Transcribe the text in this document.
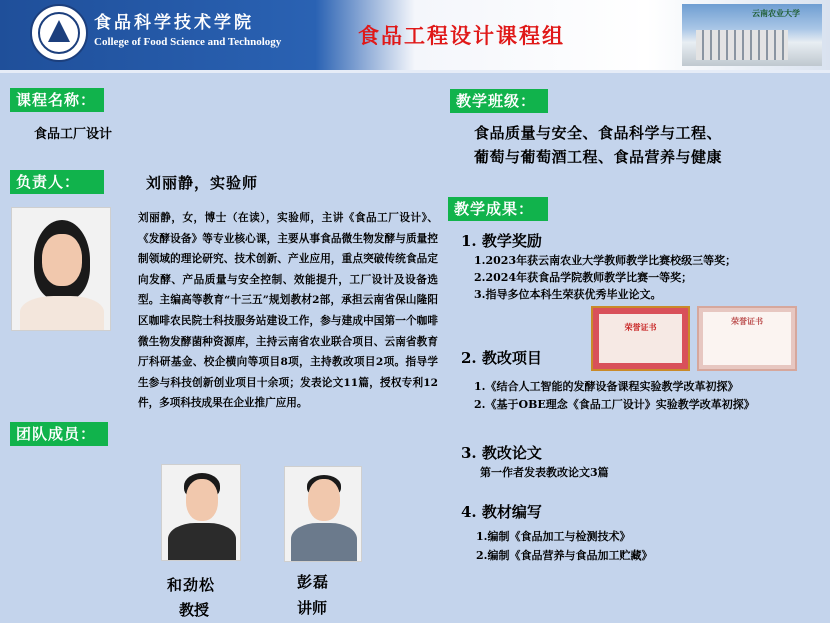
食品科学技术学院
College of Food Science and Technology	食品工程设计课程组
云南农业大学
课程名称：
食品工厂设计
负责人：	刘丽静，实验师
刘丽静，女，博士（在读），实验师，主讲《食品工厂设计》、《发酵设备》等专业核心课，主要从事食品微生物发酵与质量控制领域的理论研究、技术创新、产业应用，重点突破传统食品定向发酵、产品质量与安全控制、效能提升，工厂设计及设备选型。主编高等教育“十三五”规划教材2部，承担云南省保山隆阳区咖啡农民院士科技服务站建设工作，参与建成中国第一个咖啡微生物发酵菌种资源库，主持云南省农业联合项目、云南省教育厅科研基金、校企横向等项目8项，主持教改项目2项。指导学生参与科技创新创业项目十余项；发表论文11篇，授权专利12件，多项科技成果在企业推广应用。
团队成员：
和劲松
教授
彭磊
讲师
教学班级：
食品质量与安全、食品科学与工程、
葡萄与葡萄酒工程、食品营养与健康
教学成果：
1. 教学奖励
1.2023年获云南农业大学教师教学比赛校级三等奖；
2.2024年获食品学院教师教学比赛一等奖；
3.指导多位本科生荣获优秀毕业论文。
荣誉证书
荣誉证书
2. 教改项目
1.《结合人工智能的发酵设备课程实验教学改革初探》
2.《基于OBE理念《食品工厂设计》实验教学改革初探》
3. 教改论文
第一作者发表教改论文3篇
4. 教材编写
1.编制《食品加工与检测技术》
2.编制《食品营养与食品加工贮藏》
